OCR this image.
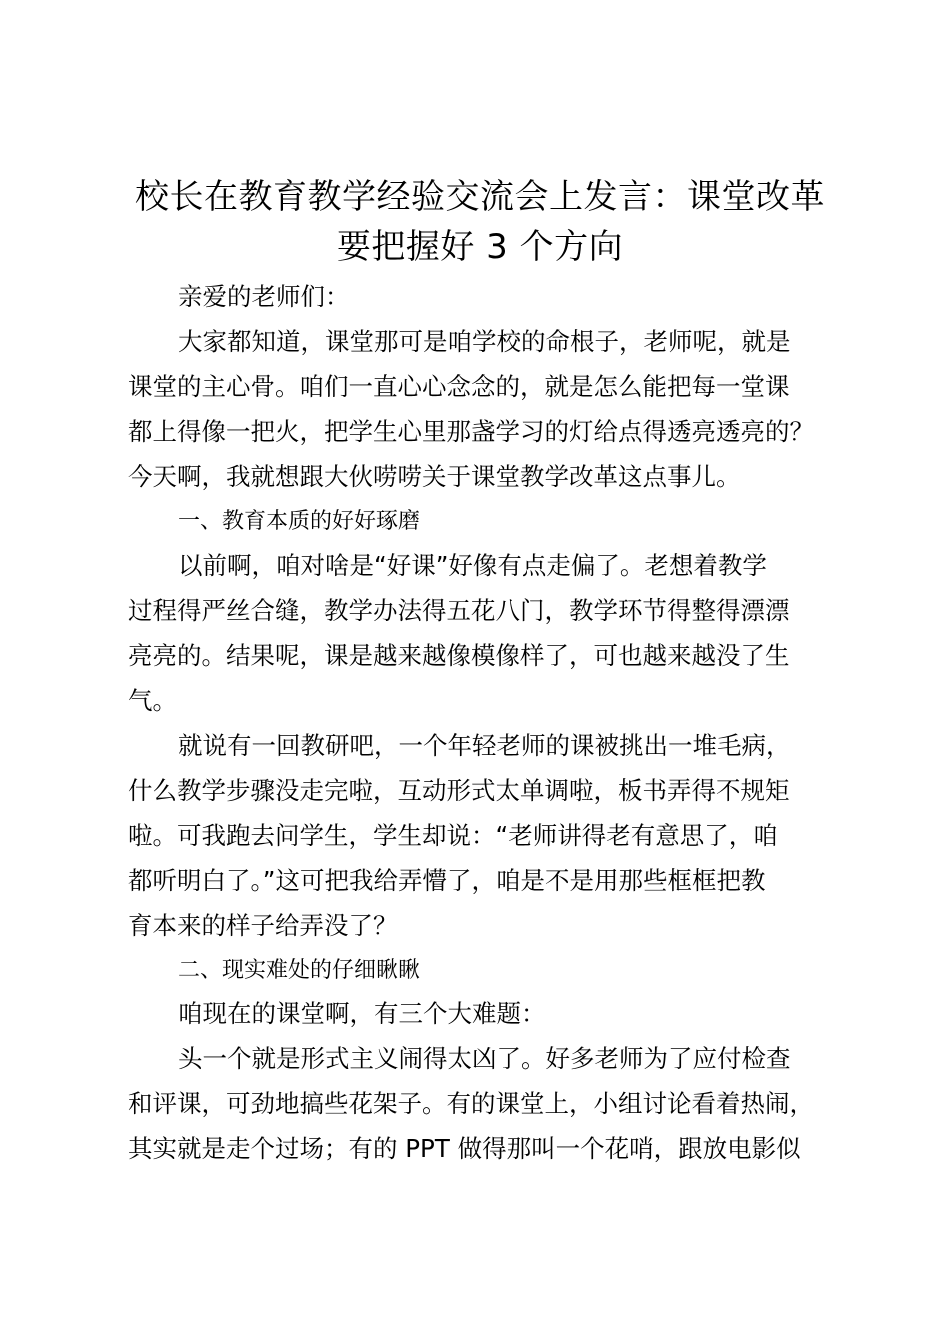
校长在教育教学经验交流会上发言：课堂改革
要把握好 3 个方向
亲爱的老师们：
大家都知道，课堂那可是咱学校的命根子，老师呢，就是
课堂的主心骨。咱们一直心心念念的，就是怎么能把每一堂课
都上得像一把火，把学生心里那盏学习的灯给点得透亮透亮的？
今天啊，我就想跟大伙唠唠关于课堂教学改革这点事儿。
一、教育本质的好好琢磨
以前啊，咱对啥是“好课”好像有点走偏了。老想着教学
过程得严丝合缝，教学办法得五花八门，教学环节得整得漂漂
亮亮的。结果呢，课是越来越像模像样了，可也越来越没了生
气。
就说有一回教研吧，一个年轻老师的课被挑出一堆毛病，
什么教学步骤没走完啦，互动形式太单调啦，板书弄得不规矩
啦。可我跑去问学生，学生却说：“老师讲得老有意思了，咱
都听明白了。”这可把我给弄懵了，咱是不是用那些框框把教
育本来的样子给弄没了？
二、现实难处的仔细瞅瞅
咱现在的课堂啊，有三个大难题：
头一个就是形式主义闹得太凶了。好多老师为了应付检查
和评课，可劲地搞些花架子。有的课堂上，小组讨论看着热闹，
其实就是走个过场；有的 PPT 做得那叫一个花哨，跟放电影似
